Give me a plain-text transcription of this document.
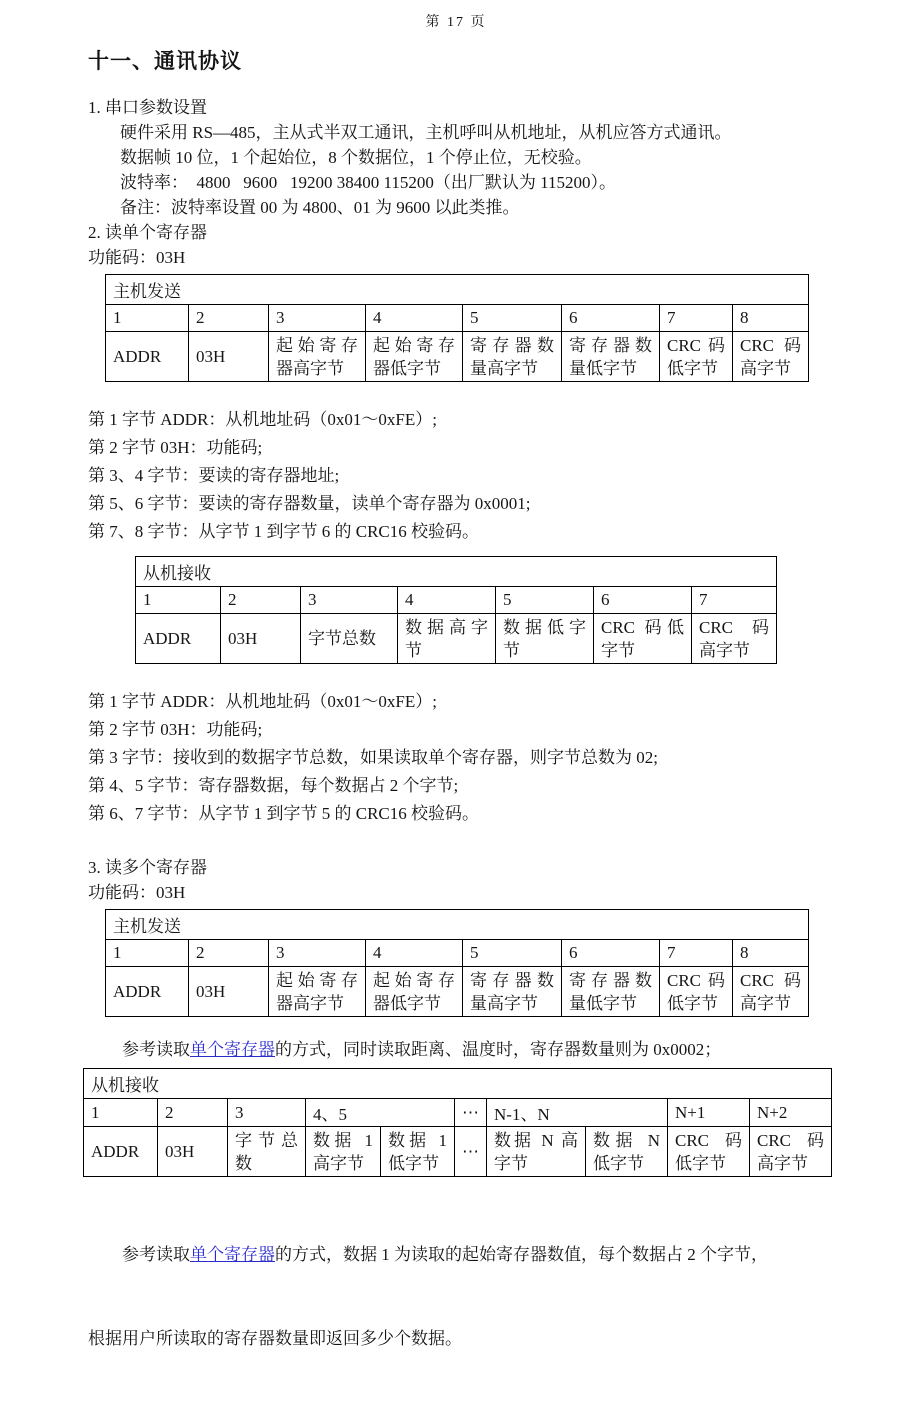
第 17 页
十一、通讯协议
1. 串口参数设置
硬件采用 RS—485，主从式半双工通讯，主机呼叫从机地址，从机应答方式通讯。
数据帧 10 位，1 个起始位，8 个数据位，1 个停止位，无校验。
波特率：  4800   9600   19200 38400 115200（出厂默认为 115200）。
备注：波特率设置 00 为 4800、01 为 9600 以此类推。
2. 读单个寄存器
功能码：03H
主机发送							
1	2	3	4	5	6	7	8
ADDR	03H	起始寄存器高字节	起始寄存器低字节	寄存器数量高字节	寄存器数量低字节	CRC 码低字节	CRC 码高字节
第 1 字节 ADDR：从机地址码（0x01～0xFE）;
第 2 字节 03H：功能码;
第 3、4 字节：要读的寄存器地址;
第 5、6 字节：要读的寄存器数量，读单个寄存器为 0x0001;
第 7、8 字节：从字节 1 到字节 6 的 CRC16 校验码。
从机接收						
1	2	3	4	5	6	7
ADDR	03H	字节总数	数据高字节	数据低字节	CRC 码低字节	CRC 码高字节
第 1 字节 ADDR：从机地址码（0x01～0xFE）;
第 2 字节 03H：功能码;
第 3 字节：接收到的数据字节总数，如果读取单个寄存器，则字节总数为 02;
第 4、5 字节：寄存器数据，每个数据占 2 个字节;
第 6、7 字节：从字节 1 到字节 5 的 CRC16 校验码。
3. 读多个寄存器
功能码：03H
主机发送							
1	2	3	4	5	6	7	8
ADDR	03H	起始寄存器高字节	起始寄存器低字节	寄存器数量高字节	寄存器数量低字节	CRC 码低字节	CRC 码高字节
参考读取单个寄存器的方式，同时读取距离、温度时，寄存器数量则为 0x0002；
从机接收									
1	2	3	4、5		⋯	N-1、N		N+1	N+2
ADDR	03H	字节总数	数据 1 高字节	数据 1 低字节	⋯	数据 N 高字节	数据 N 低字节	CRC 码低字节	CRC 码高字节

参考读取单个寄存器的方式，数据 1 为读取的起始寄存器数值，每个数据占 2 个字节，

根据用户所读取的寄存器数量即返回多少个数据。
